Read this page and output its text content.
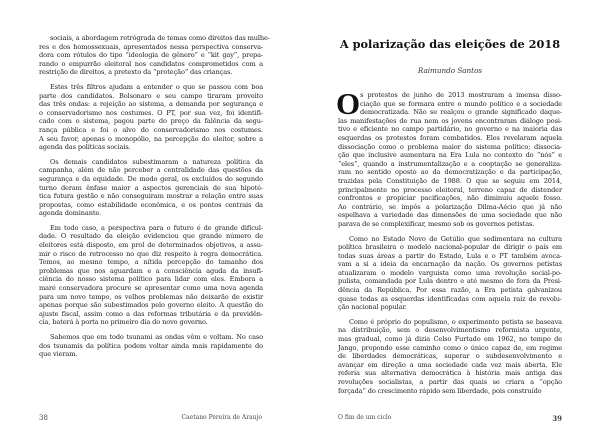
sociais, a abordagem retrógrada de temas como direitos das mulhe-
res e dos homossexuais, apresentados nessa perspectiva conserva-
dora com rótulos do tipo “ideologia de gênero” e “kit gay”, prepa-
rando o empurrão eleitoral nos candidatos comprometidos com a
restrição de direitos, a pretexto da “proteção” das crianças.
Estes três filtros ajudam a entender o que se passou com boa
parte dos candidatos. Bolsonaro e seu campo tiraram proveito
das três ondas: a rejeição ao sistema, a demanda por segurança e
o conservadorismo nos costumes. O PT, por sua vez, foi identifi-
cado com o sistema, pagou parte do preço da falência da segu-
rança pública e foi o alvo do conservadorismo nos costumes.
A seu favor, apenas o monopólio, na percepção do eleitor, sobre a
agenda das políticas sociais.
Os demais candidatos subestimaram a natureza política da
campanha, além de não perceber a centralidade das questões da
segurança e da equidade. De modo geral, os excluídos do segundo
turno deram ênfase maior a aspectos gerenciais de sua hipoté-
tica futura gestão e não conseguiram mostrar a relação entre suas
propostas, como estabilidade econômica, e os pontos centrais da
agenda dominante.
Em todo caso, a perspectiva para o futuro é de grande dificul-
dade. O resultado da eleição evidenciou que grande número de
eleitores está disposto, em prol de determinados objetivos, a assu-
mir o risco de retrocesso no que diz respeito à regra democrática.
Temos, ao mesmo tempo, a nítida percepção do tamanho dos
problemas que nos aguardam e a consciência aguda da insufi-
ciência do nosso sistema político para lidar com eles. Embora a
maré conservadora procure se apresentar como uma nova agenda
para um novo tempo, os velhos problemas não deixarão de existir
apenas porque são subestimados pelo governo eleito. A questão do
ajuste fiscal, assim como a das reformas tributária e da previdên-
cia, baterá à porta no primeiro dia do novo governo.
Sabemos que em todo tsunami as ondas vêm e voltam. No caso
dos tsunamis da política podem voltar ainda mais rapidamente do
que vieram.
38	Caetano Pereira de Araujo
A polarização das eleições de 2018
Raimundo Santos
O s protestos de junho de 2013 mostraram a imensa disso-
ciação que se formara entre o mundo político e a sociedade
democratizada. Não se realçou o grande significado daque-
las manifestações de rua nem os jovens encontraram diálogo posi-
tivo e eficiente no campo partidário, no governo e na maioria das
esquerdas os protestos foram combatidos. Eles revelaram aquela
dissociação como o problema maior do sistema político; dissocia-
ção que inclusive aumentara na Era Lula no contexto do “nós” e
“eles”, quando a instrumentalização e a cooptação se generaliza-
ram no sentido oposto ao da democratização e da participação,
trazidas pela Constituição de 1988. O que se seguiu em 2014,
principalmente no processo eleitoral, terreno capaz de distender
confrontos e propiciar pacificações, não diminuiu aquele fosso.
Ao contrário, se impôs a polarização Dilma-Aécio que já não
espelhava a variedade das dimensões de uma sociedade que não
parava de se complexificar, mesmo sob os governos petistas.
Como no Estado Novo de Getúlio que sedimentara na cultura
política brasileira o modelo nacional-popular de dirigir o país em
todas suas áreas a partir do Estado, Lula e o PT também avoca-
vam a si a ideia da encarnação da nação. Os governos petistas
atualizaram o modelo varguista como uma revolução social-po-
pulista, comandada por Lula dentro e até mesmo de fora da Presi-
dência da República. Por essa razão, a Era petista galvanizou
quase todas as esquerdas identificadas com aquela raiz de revolu-
ção nacional popular.
Como é próprio do populismo, o experimento petista se baseava
na distribuição, sem o desenvolvimentismo reformista urgente,
mas gradual, como já dizia Celso Furtado em 1962, no tempo de
Jango, propondo esse caminho como o único capaz de, em regime
de liberdades democráticas, superar o subdesenvolvimento e
avançar em direção a uma sociedade cada vez mais aberta. Ele
referia sua alternativa democrática à história mais antiga das
revoluções socialistas, a partir das quais se criara a “opção
forçada” do crescimento rápido sem liberdade, pois construído
O fim de um ciclo	39
